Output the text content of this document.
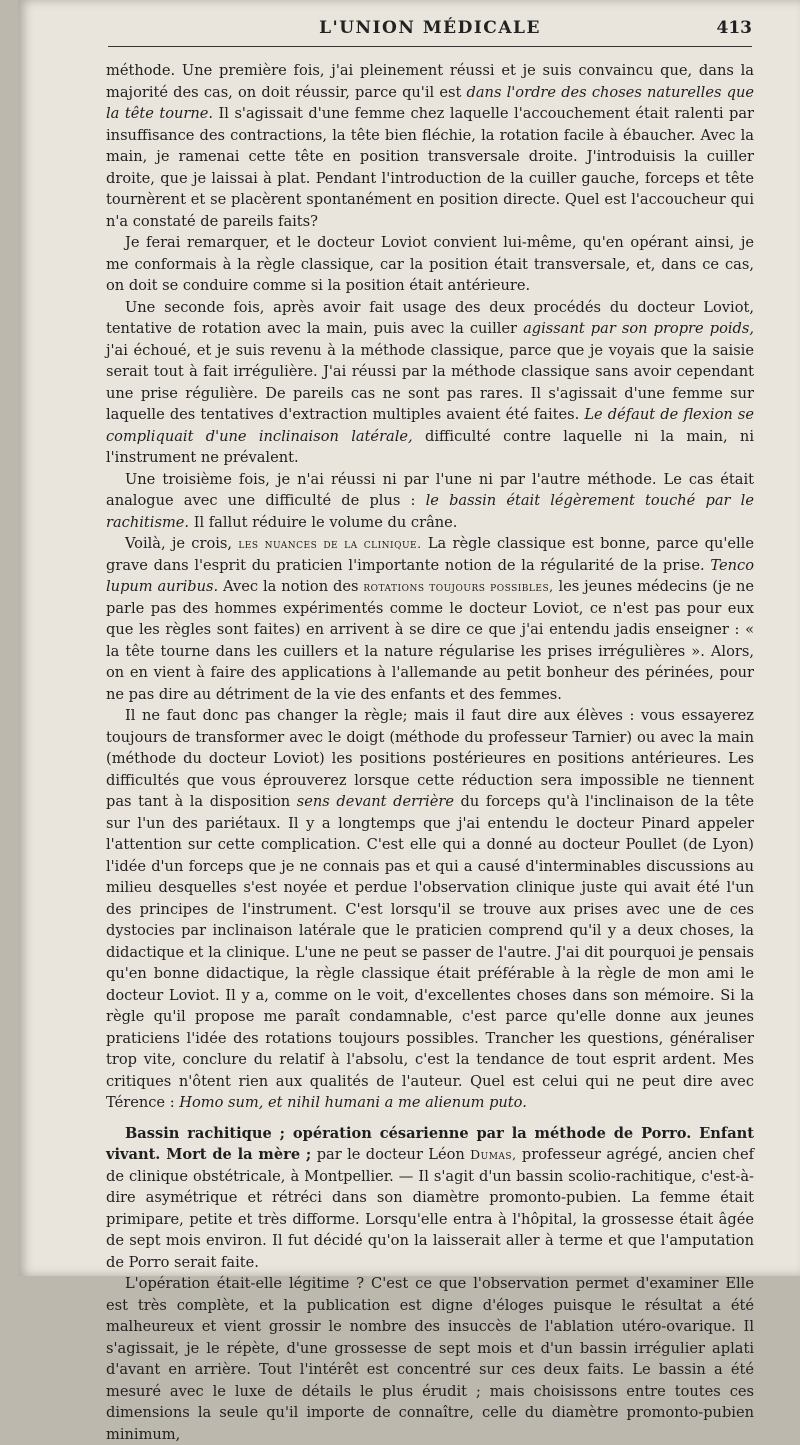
L'UNION MÉDICALE	413

méthode. Une première fois, j'ai pleinement réussi et je suis convaincu que, dans la majorité des cas, on doit réussir, parce qu'il est dans l'ordre des choses naturelles que la tête tourne. Il s'agissait d'une femme chez laquelle l'accouchement était ralenti par insuffisance des contractions, la tête bien fléchie, la rotation facile à ébaucher. Avec la main, je ramenai cette tête en position transversale droite. J'introduisis la cuiller droite, que je laissai à plat. Pendant l'introduction de la cuiller gauche, forceps et tête tournèrent et se placèrent spontanément en position directe. Quel est l'accoucheur qui n'a constaté de pareils faits?

Je ferai remarquer, et le docteur Loviot convient lui-même, qu'en opérant ainsi, je me conformais à la règle classique, car la position était transversale, et, dans ce cas, on doit se conduire comme si la position était antérieure.

Une seconde fois, après avoir fait usage des deux procédés du docteur Loviot, tentative de rotation avec la main, puis avec la cuiller agissant par son propre poids, j'ai échoué, et je suis revenu à la méthode classique, parce que je voyais que la saisie serait tout à fait irrégulière. J'ai réussi par la méthode classique sans avoir cependant une prise régulière. De pareils cas ne sont pas rares. Il s'agissait d'une femme sur laquelle des tentatives d'extraction multiples avaient été faites. Le défaut de flexion se compliquait d'une inclinaison latérale, difficulté contre laquelle ni la main, ni l'instrument ne prévalent.

Une troisième fois, je n'ai réussi ni par l'une ni par l'autre méthode. Le cas était analogue avec une difficulté de plus : le bassin était légèrement touché par le rachitisme. Il fallut réduire le volume du crâne.

Voilà, je crois, les nuances de la clinique. La règle classique est bonne, parce qu'elle grave dans l'esprit du praticien l'importante notion de la régularité de la prise. Tenco lupum auribus. Avec la notion des rotations toujours possibles, les jeunes médecins (je ne parle pas des hommes expérimentés comme le docteur Loviot, ce n'est pas pour eux que les règles sont faites) en arrivent à se dire ce que j'ai entendu jadis enseigner : « la tête tourne dans les cuillers et la nature régularise les prises irrégulières ». Alors, on en vient à faire des applications à l'allemande au petit bonheur des périnées, pour ne pas dire au détriment de la vie des enfants et des femmes.

Il ne faut donc pas changer la règle; mais il faut dire aux élèves : vous essayerez toujours de transformer avec le doigt (méthode du professeur Tarnier) ou avec la main (méthode du docteur Loviot) les positions postérieures en positions antérieures. Les difficultés que vous éprouverez lorsque cette réduction sera impossible ne tiennent pas tant à la disposition sens devant derrière du forceps qu'à l'inclinaison de la tête sur l'un des pariétaux. Il y a longtemps que j'ai entendu le docteur Pinard appeler l'attention sur cette complication. C'est elle qui a donné au docteur Poullet (de Lyon) l'idée d'un forceps que je ne connais pas et qui a causé d'interminables discussions au milieu desquelles s'est noyée et perdue l'observation clinique juste qui avait été l'un des principes de l'instrument. C'est lorsqu'il se trouve aux prises avec une de ces dystocies par inclinaison latérale que le praticien comprend qu'il y a deux choses, la didactique et la clinique. L'une ne peut se passer de l'autre. J'ai dit pourquoi je pensais qu'en bonne didactique, la règle classique était préférable à la règle de mon ami le docteur Loviot. Il y a, comme on le voit, d'excellentes choses dans son mémoire. Si la règle qu'il propose me paraît condamnable, c'est parce qu'elle donne aux jeunes praticiens l'idée des rotations toujours possibles. Trancher les questions, généraliser trop vite, conclure du relatif à l'absolu, c'est la tendance de tout esprit ardent. Mes critiques n'ôtent rien aux qualités de l'auteur. Quel est celui qui ne peut dire avec Térence : Homo sum, et nihil humani a me alienum puto.

Bassin rachitique ; opération césarienne par la méthode de Porro. Enfant vivant. Mort de la mère ; par le docteur Léon Dumas, professeur agrégé, ancien chef de clinique obstétricale, à Montpellier. — Il s'agit d'un bassin scolio-rachitique, c'est-à-dire asymétrique et rétréci dans son diamètre promonto-pubien. La femme était primipare, petite et très difforme. Lorsqu'elle entra à l'hôpital, la grossesse était âgée de sept mois environ. Il fut décidé qu'on la laisserait aller à terme et que l'amputation de Porro serait faite.

L'opération était-elle légitime ? C'est ce que l'observation permet d'examiner Elle est très complète, et la publication est digne d'éloges puisque le résultat a été malheureux et vient grossir le nombre des insuccès de l'ablation utéro-ovarique. Il s'agissait, je le répète, d'une grossesse de sept mois et d'un bassin irrégulier aplati d'avant en arrière. Tout l'intérêt est concentré sur ces deux faits. Le bassin a été mesuré avec le luxe de détails le plus érudit ; mais choisissons entre toutes ces dimensions la seule qu'il importe de connaître, celle du diamètre promonto-pubien minimum,
